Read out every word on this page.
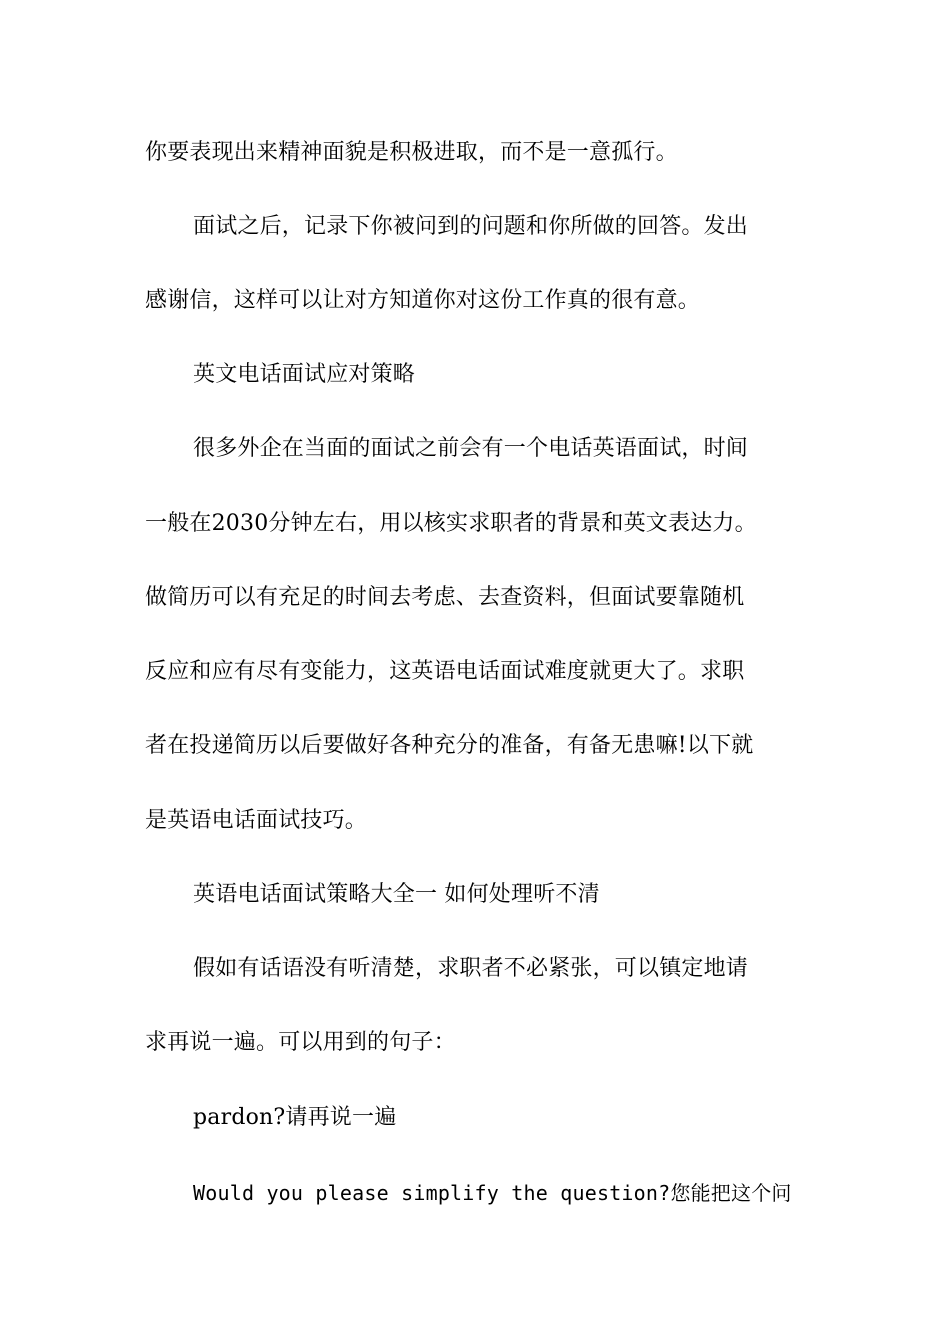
你要表现出来精神面貌是积极进取，而不是一意孤行。
面试之后，记录下你被问到的问题和你所做的回答。发出
感谢信，这样可以让对方知道你对这份工作真的很有意。
英文电话面试应对策略
很多外企在当面的面试之前会有一个电话英语面试，时间
一般在2030分钟左右，用以核实求职者的背景和英文表达力。
做简历可以有充足的时间去考虑、去查资料，但面试要靠随机
反应和应有尽有变能力，这英语电话面试难度就更大了。求职
者在投递简历以后要做好各种充分的准备，有备无患嘛!以下就
是英语电话面试技巧。
英语电话面试策略大全一 如何处理听不清
假如有话语没有听清楚，求职者不必紧张，可以镇定地请
求再说一遍。可以用到的句子：
pardon?请再说一遍
Would you please simplify the question?您能把这个问
